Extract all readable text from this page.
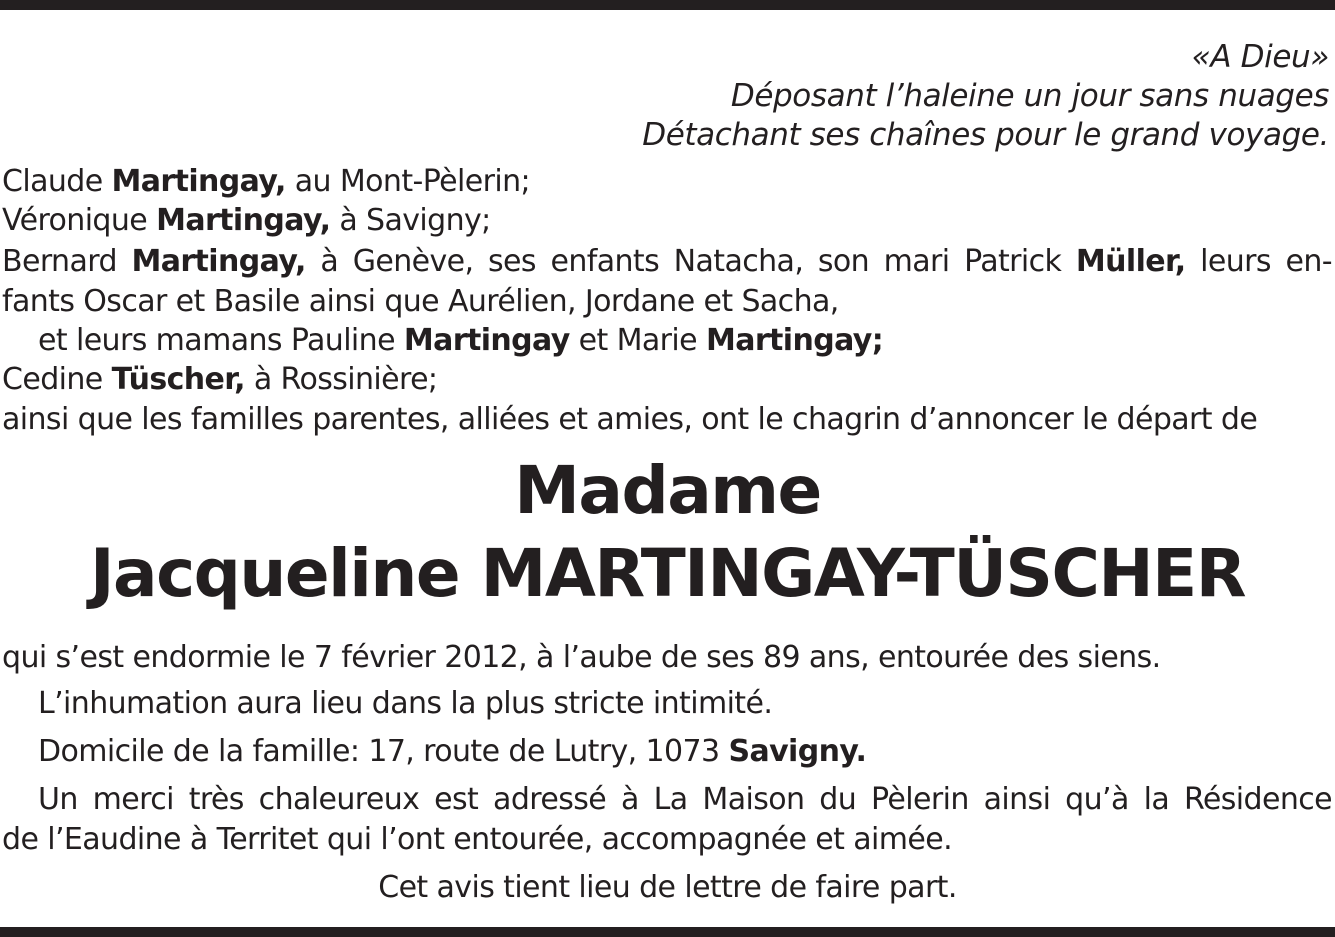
«A Dieu»
Déposant l’haleine un jour sans nuages
Détachant ses chaînes pour le grand voyage.
Claude Martingay, au Mont-Pèlerin;
Véronique Martingay, à Savigny;
Bernard Martingay, à Genève, ses enfants Natacha, son mari Patrick Müller, leurs en-
fants Oscar et Basile ainsi que Aurélien, Jordane et Sacha,
et leurs mamans Pauline Martingay et Marie Martingay;
Cedine Tüscher, à Rossinière;
ainsi que les familles parentes, alliées et amies, ont le chagrin d’annoncer le départ de
Madame
Jacqueline MARTINGAY-TÜSCHER
qui s’est endormie le 7 février 2012, à l’aube de ses 89 ans, entourée des siens.
L’inhumation aura lieu dans la plus stricte intimité.
Domicile de la famille: 17, route de Lutry, 1073 Savigny.
Un merci très chaleureux est adressé à La Maison du Pèlerin ainsi qu’à la Résidence
de l’Eaudine à Territet qui l’ont entourée, accompagnée et aimée.
Cet avis tient lieu de lettre de faire part.
